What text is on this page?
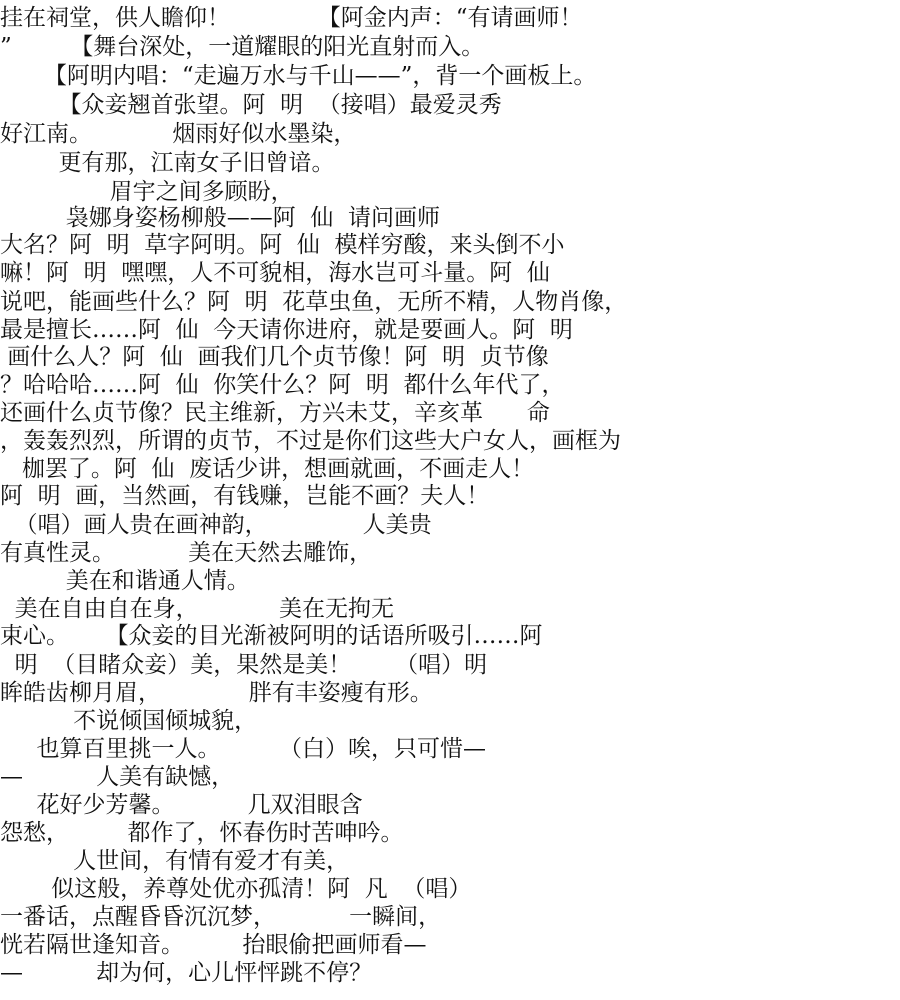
挂在祠堂，供人瞻仰！            【阿金内声：“有请画师！
”        【舞台深处，一道耀眼的阳光直射而入。
【阿明内唱：“走遍万水与千山——”，背一个画板上。
【众妾翘首张望。阿  明  （接唱）最爱灵秀
好江南。           烟雨好似水墨染，
更有那，江南女子旧曾谙。
眉宇之间多顾盼，
袅娜身姿杨柳般——阿  仙  请问画师
大名？阿  明  草字阿明。阿  仙  模样穷酸，来头倒不小
嘛！阿  明  嘿嘿，人不可貌相，海水岂可斗量。阿  仙
说吧，能画些什么？阿  明  花草虫鱼，无所不精，人物肖像，
最是擅长……阿  仙  今天请你进府，就是要画人。阿  明
画什么人？阿  仙  画我们几个贞节像！阿  明  贞节像
？哈哈哈……阿  仙  你笑什么？阿  明  都什么年代了，
还画什么贞节像？民主维新，方兴未艾，辛亥革      命
，轰轰烈烈，所谓的贞节，不过是你们这些大户女人，画框为
枷罢了。阿  仙  废话少讲，想画就画，不画走人！
阿  明  画，当然画，有钱赚，岂能不画？夫人！
（唱）画人贵在画神韵，             人美贵
有真性灵。          美在天然去雕饰，
美在和谐通人情。
美在自由自在身，           美在无拘无
束心。     【众妾的目光渐被阿明的话语所吸引……阿
明  （目睹众妾）美，果然是美！      （唱）明
眸皓齿柳月眉，            胖有丰姿瘦有形。
不说倾国倾城貌，
也算百里挑一人。        （白）唉，只可惜—
—          人美有缺憾，
花好少芳馨。          几双泪眼含
怨愁，        都作了，怀春伤时苦呻吟。
人世间，有情有爱才有美，
似这般，养尊处优亦孤清！阿  凡  （唱）
一番话，点醒昏昏沉沉梦，          一瞬间，
恍若隔世逢知音。        抬眼偷把画师看—
—          却为何，心儿怦怦跳不停？
